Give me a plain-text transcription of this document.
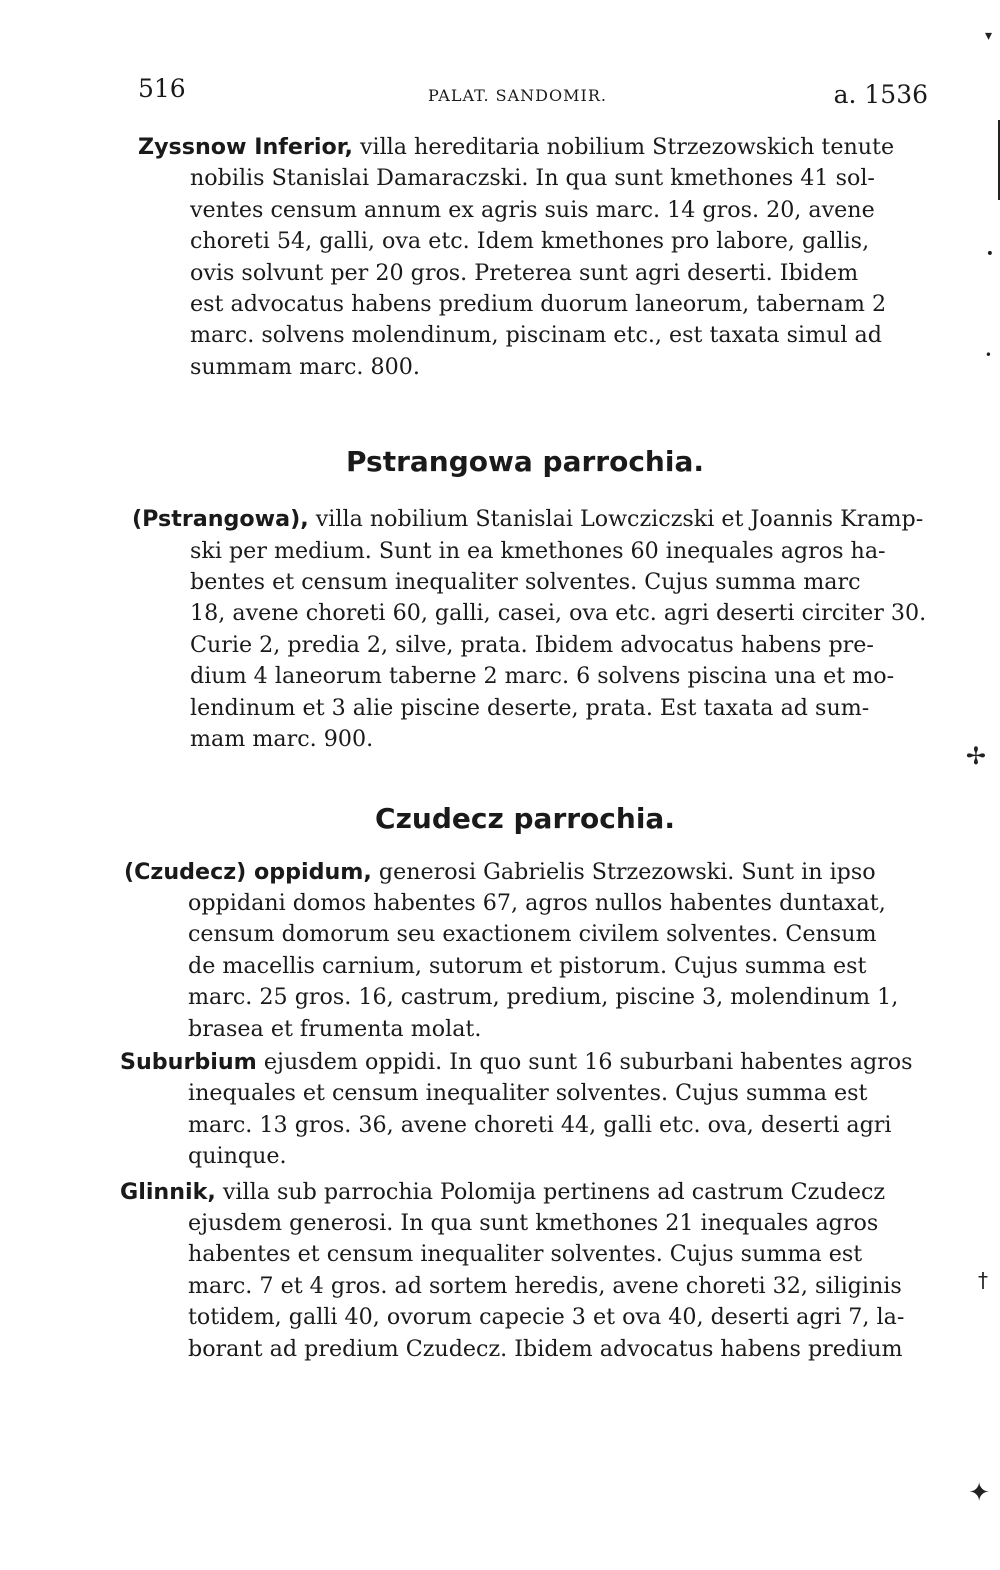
▾
•
•
✢
†
✦
516	PALAT. SANDOMIR.	a. 1536

Zyssnow Inferior, villa hereditaria nobilium Strzezowskich tenute
nobilis Stanislai Damaraczski. In qua sunt kmethones 41 sol-
ventes censum annum ex agris suis marc. 14 gros. 20, avene
choreti 54, galli, ova etc. Idem kmethones pro labore, gallis,
ovis solvunt per 20 gros. Preterea sunt agri deserti. Ibidem
est advocatus habens predium duorum laneorum, tabernam 2
marc. solvens molendinum, piscinam etc., est taxata simul ad
summam marc. 800.

Pstrangowa parrochia.

(Pstrangowa), villa nobilium Stanislai Lowcziczski et Joannis Kramp-
ski per medium. Sunt in ea kmethones 60 inequales agros ha-
bentes et censum inequaliter solventes. Cujus summa marc
18, avene choreti 60, galli, casei, ova etc. agri deserti circiter 30.
Curie 2, predia 2, silve, prata. Ibidem advocatus habens pre-
dium 4 laneorum taberne 2 marc. 6 solvens piscina una et mo-
lendinum et 3 alie piscine deserte, prata. Est taxata ad sum-
mam marc. 900.

Czudecz parrochia.

(Czudecz) oppidum, generosi Gabrielis Strzezowski. Sunt in ipso
oppidani domos habentes 67, agros nullos habentes duntaxat,
censum domorum seu exactionem civilem solventes. Censum
de macellis carnium, sutorum et pistorum. Cujus summa est
marc. 25 gros. 16, castrum, predium, piscine 3, molendinum 1,
brasea et frumenta molat.

Suburbium ejusdem oppidi. In quo sunt 16 suburbani habentes agros
inequales et censum inequaliter solventes. Cujus summa est
marc. 13 gros. 36, avene choreti 44, galli etc. ova, deserti agri
quinque.

Glinnik, villa sub parrochia Polomija pertinens ad castrum Czudecz
ejusdem generosi. In qua sunt kmethones 21 inequales agros
habentes et censum inequaliter solventes. Cujus summa est
marc. 7 et 4 gros. ad sortem heredis, avene choreti 32, siliginis
totidem, galli 40, ovorum capecie 3 et ova 40, deserti agri 7, la-
borant ad predium Czudecz. Ibidem advocatus habens predium
